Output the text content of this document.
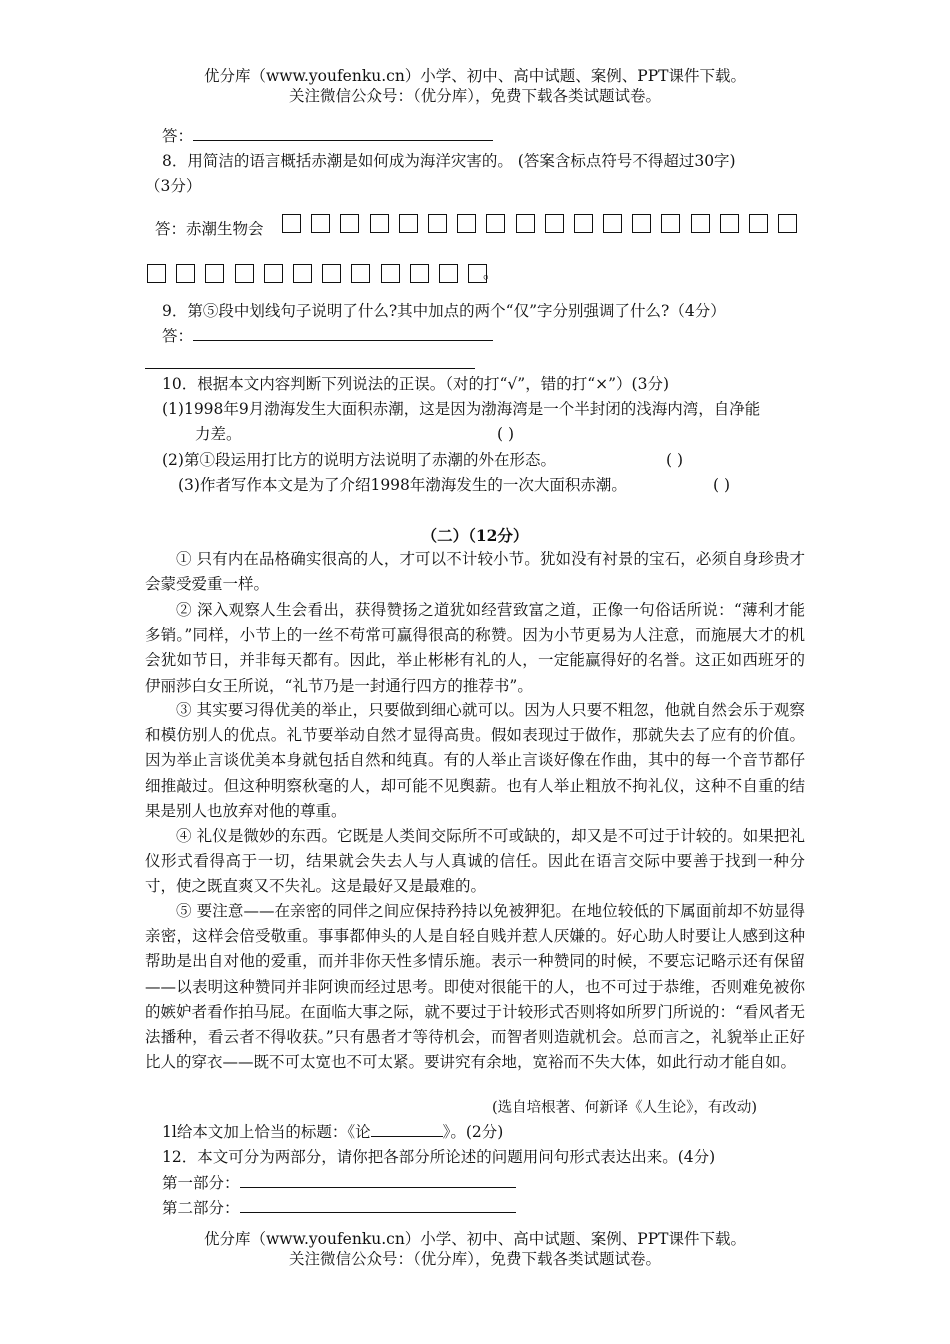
优分库（www.youfenku.cn）小学、初中、高中试题、案例、PPT课件下载。
关注微信公众号：（优分库），免费下载各类试题试卷。
答：
8．用简洁的语言概括赤潮是如何成为海洋灾害的。 (答案含标点符号不得超过30字)
（3分）
答：赤潮生物会
。
9．第⑤段中划线句子说明了什么?其中加点的两个“仅”字分别强调了什么?（4分）
答：
10．根据本文内容判断下列说法的正误。（对的打“√”，错的打“×”）(3分)
(1)1998年9月渤海发生大面积赤潮，这是因为渤海湾是一个半封闭的浅海内湾，自净能
力差。	( )
(2)第①段运用打比方的说明方法说明了赤潮的外在形态。	( )
(3)作者写作本文是为了介绍1998年渤海发生的一次大面积赤潮。	( )
（二）（12分）
① 只有内在品格确实很高的人，才可以不计较小节。犹如没有衬景的宝石，必须自身珍贵才会蒙受爱重一样。
② 深入观察人生会看出，获得赞扬之道犹如经营致富之道，正像一句俗话所说：“薄利才能多销。”同样，小节上的一丝不苟常可赢得很高的称赞。因为小节更易为人注意，而施展大才的机会犹如节日，并非每天都有。因此，举止彬彬有礼的人，一定能赢得好的名誉。这正如西班牙的伊丽莎白女王所说，“礼节乃是一封通行四方的推荐书”。
③ 其实要习得优美的举止，只要做到细心就可以。因为人只要不粗忽，他就自然会乐于观察和模仿别人的优点。礼节要举动自然才显得高贵。假如表现过于做作，那就失去了应有的价值。因为举止言谈优美本身就包括自然和纯真。有的人举止言谈好像在作曲，其中的每一个音节都仔细推敲过。但这种明察秋毫的人，却可能不见舆薪。也有人举止粗放不拘礼仪，这种不自重的结果是别人也放弃对他的尊重。
④ 礼仪是微妙的东西。它既是人类间交际所不可或缺的，却又是不可过于计较的。如果把礼仪形式看得高于一切，结果就会失去人与人真诚的信任。因此在语言交际中要善于找到一种分寸，使之既直爽又不失礼。这是最好又是最难的。
⑤ 要注意——在亲密的同伴之间应保持矜持以免被狎犯。在地位较低的下属面前却不妨显得亲密，这样会倍受敬重。事事都伸头的人是自轻自贱并惹人厌嫌的。好心助人时要让人感到这种帮助是出自对他的爱重，而并非你天性多情乐施。表示一种赞同的时候，不要忘记略示还有保留——以表明这种赞同并非阿谀而经过思考。即使对很能干的人，也不可过于恭维，否则难免被你的嫉妒者看作拍马屁。在面临大事之际，就不要过于计较形式否则将如所罗门所说的：“看风者无法播种，看云者不得收获。”只有愚者才等待机会，而智者则造就机会。总而言之，礼貌举止正好比人的穿衣——既不可太宽也不可太紧。要讲究有余地，宽裕而不失大体，如此行动才能自如。
(选自培根著、何新译《人生论》，有改动)
1l给本文加上恰当的标题：《论	》。(2分)
12．本文可分为两部分，请你把各部分所论述的问题用问句形式表达出来。(4分)
第一部分：
第二部分：
优分库（www.youfenku.cn）小学、初中、高中试题、案例、PPT课件下载。
关注微信公众号：（优分库），免费下载各类试题试卷。
